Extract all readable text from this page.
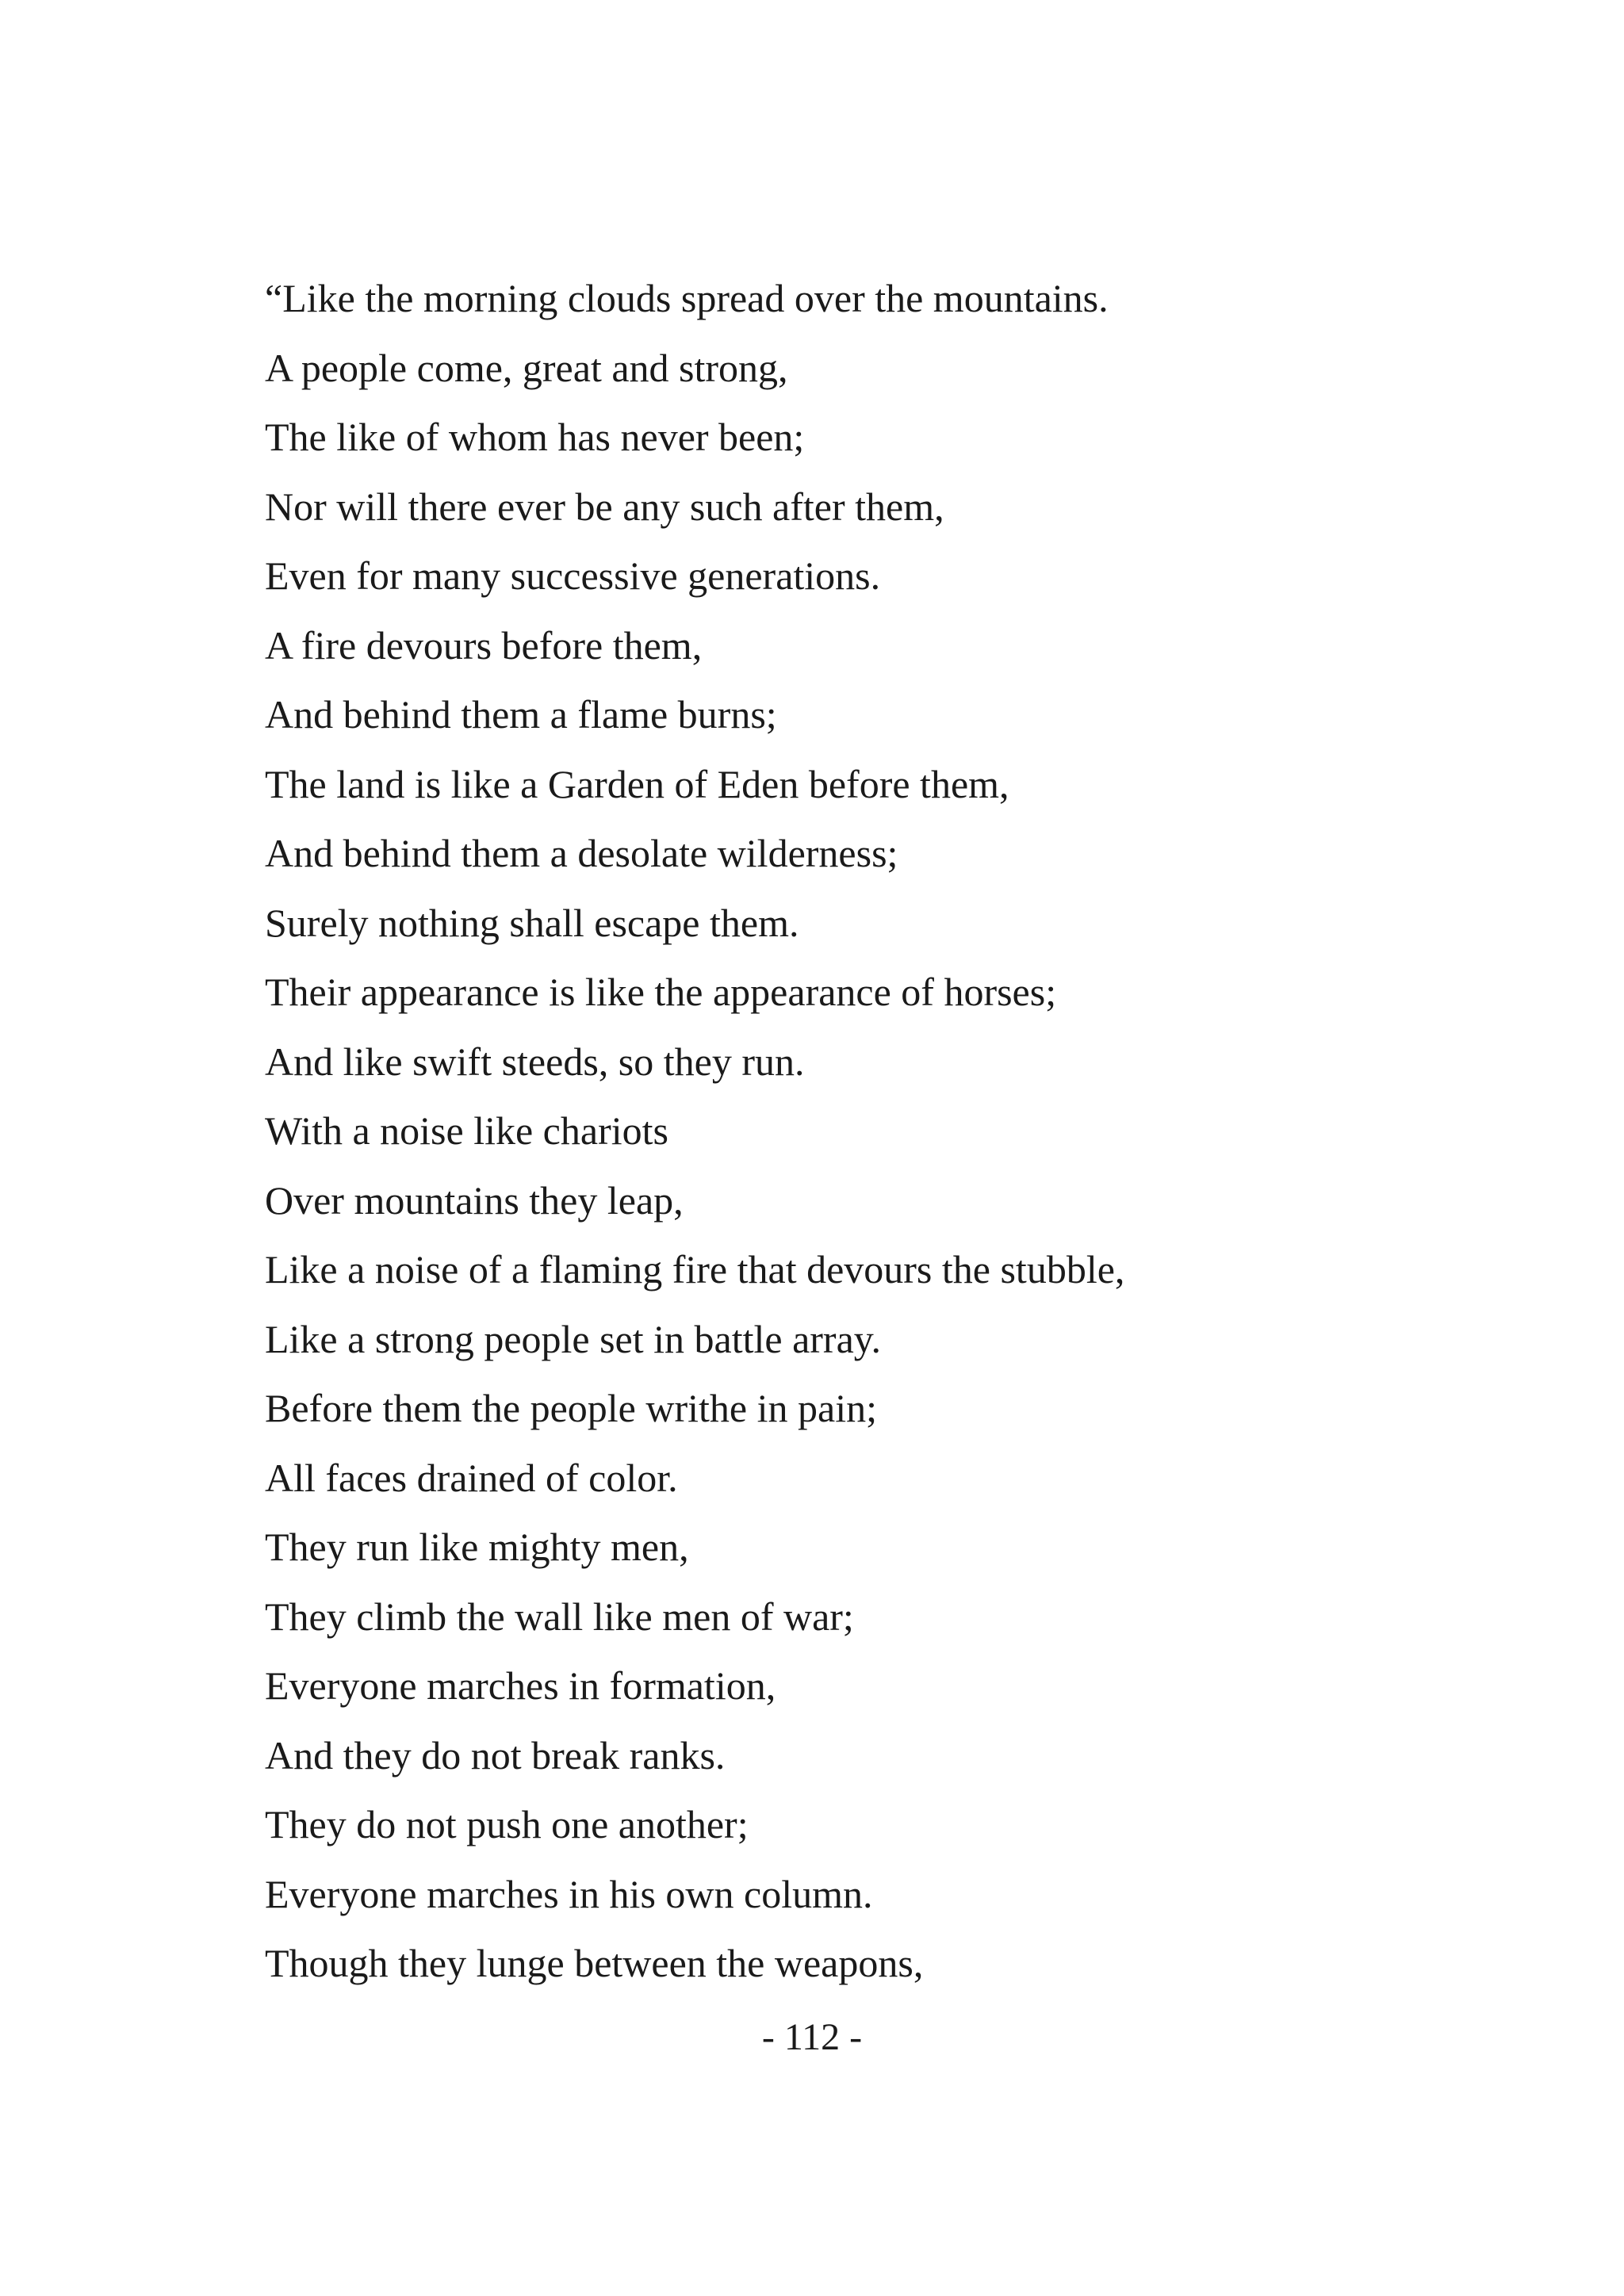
“Like the morning clouds spread over the mountains.
A people come, great and strong,
The like of whom has never been;
Nor will there ever be any such after them,
Even for many successive generations.
A fire devours before them,
And behind them a flame burns;
The land is like a Garden of Eden before them,
And behind them a desolate wilderness;
Surely nothing shall escape them.
Their appearance is like the appearance of horses;
And like swift steeds, so they run.
With a noise like chariots
Over mountains they leap,
Like a noise of a flaming fire that devours the stubble,
Like a strong people set in battle array.
Before them the people writhe in pain;
All faces drained of color.
They run like mighty men,
They climb the wall like men of war;
Everyone marches in formation,
And they do not break ranks.
They do not push one another;
Everyone marches in his own column.
Though they lunge between the weapons,
- 112 -
